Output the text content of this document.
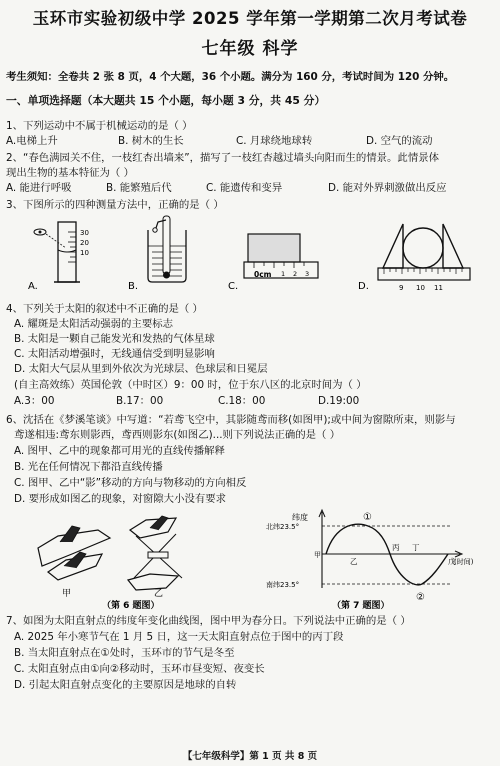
玉环市实验初级中学 2025 学年第一学期第二次月考试卷
七年级 科学
考生须知：全卷共 2 张 8 页，4 个大题，36 个小题。满分为 160 分，考试时间为 120 分钟。
一、单项选择题（本大题共 15 个小题，每小题 3 分，共 45 分）
1、下列运动中不属于机械运动的是（ ）
A.电梯上升	B. 树木的生长	C. 月球绕地球转	D. 空气的流动
2、“春色满园关不住，一枝红杏出墙来”，描写了一枝红杏越过墙头向阳而生的情景。此情景体
现出生物的基本特征为（ ）
A. 能进行呼吸	B. 能繁殖后代	C. 能遗传和变异	D. 能对外界刺激做出反应
3、下图所示的四种测量方法中，正确的是（ ）
30
20
10
A.	B.
0cm 1 2 3
C.	9 10 11
D.
4、下列关于太阳的叙述中不正确的是（ ）
A. 耀斑是太阳活动强弱的主要标志
B. 太阳是一颗自己能发光和发热的气体星球
C. 太阳活动增强时，无线通信受到明显影响
D. 太阳大气层从里到外依次为光球层、色球层和日冕层
(自主高效练）英国伦敦（中时区）9：00 时，位于东八区的北京时间为（ ）
A.3：00	B.17：00	C.18：00	D.19:00
6、沈括在《梦溪笔谈》中写道：“若鸢飞空中，其影随鸢而移(如图甲);或中间为窗隙所束，则影与
鸢遂相违:鸢东则影西，鸢西则影东(如图乙)...则下列说法正确的是（ ）
A. 图甲、乙中的现象都可用光的直线传播解释
B. 光在任何情况下都沿直线传播
C. 图甲、乙中“影”移动的方向与物移动的方向相反
D. 要形成如图乙的现象，对窗隙大小没有要求
甲	乙
（第 6 题图）
纬度
北纬23.5°
南纬23.5°
甲
乙
丙 丁
戊
(时间)
①
②
（第 7 题图）
7、如图为太阳直射点的纬度年变化曲线图，图中甲为春分日。下列说法中正确的是（ ）
A. 2025 年小寒节气在 1 月 5 日，这一天太阳直射点位于图中的丙丁段
B. 当太阳直射点在①处时，玉环市的节气是冬至
C. 太阳直射点由①向②移动时，玉环市昼变短、夜变长
D. 引起太阳直射点变化的主要原因是地球的自转
【七年级科学】第 1 页 共 8 页
